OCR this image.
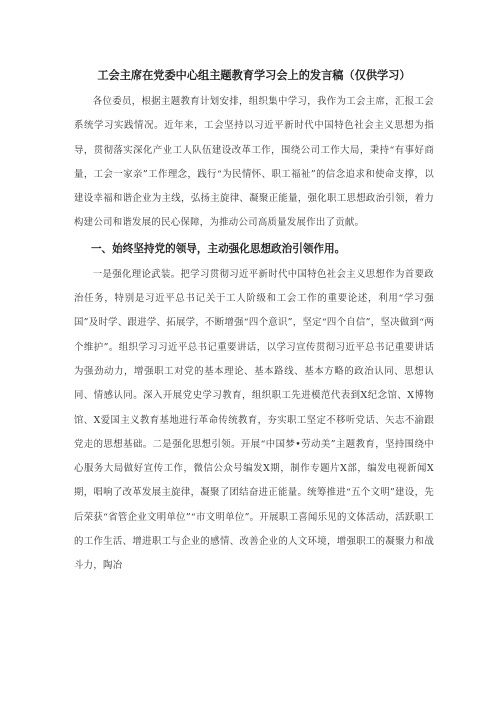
工会主席在党委中心组主题教育学习会上的发言稿（仅供学习）

各位委员，根据主题教育计划安排，组织集中学习，我作为工会主席，汇报工会系统学习实践情况。近年来，工会坚持以习近平新时代中国特色社会主义思想为指导，贯彻落实深化产业工人队伍建设改革工作，围绕公司工作大局，秉持“有事好商量，工会一家亲”工作理念，践行“为民情怀、职工福祉”的信念追求和使命支撑，以建设幸福和谐企业为主线，弘扬主旋律、凝聚正能量，强化职工思想政治引领，着力构建公司和谐发展的民心保障，为推动公司高质量发展作出了贡献。

一、始终坚持党的领导，主动强化思想政治引领作用。

一是强化理论武装。把学习贯彻习近平新时代中国特色社会主义思想作为首要政治任务，特别是习近平总书记关于工人阶级和工会工作的重要论述，利用“学习强国”及时学、跟进学、拓展学，不断增强“四个意识”，坚定“四个自信”，坚决做到“两个维护”。组织学习习近平总书记重要讲话，以学习宣传贯彻习近平总书记重要讲话为强劲动力，增强职工对党的基本理论、基本路线、基本方略的政治认同、思想认同、情感认同。深入开展党史学习教育，组织职工先进模范代表到X纪念馆、X博物馆、X爱国主义教育基地进行革命传统教育，夯实职工坚定不移听党话、矢志不渝跟党走的思想基础。二是强化思想引领。开展“中国梦•劳动美”主题教育，坚持围绕中心服务大局做好宣传工作，微信公众号编发X期，制作专题片X部，编发电视新闻X期，唱响了改革发展主旋律，凝聚了团结奋进正能量。统筹推进“五个文明”建设，先后荣获“省管企业文明单位”“市文明单位”。开展职工喜闻乐见的文体活动，活跃职工的工作生活、增进职工与企业的感情、改善企业的人文环境，增强职工的凝聚力和战斗力，陶冶
